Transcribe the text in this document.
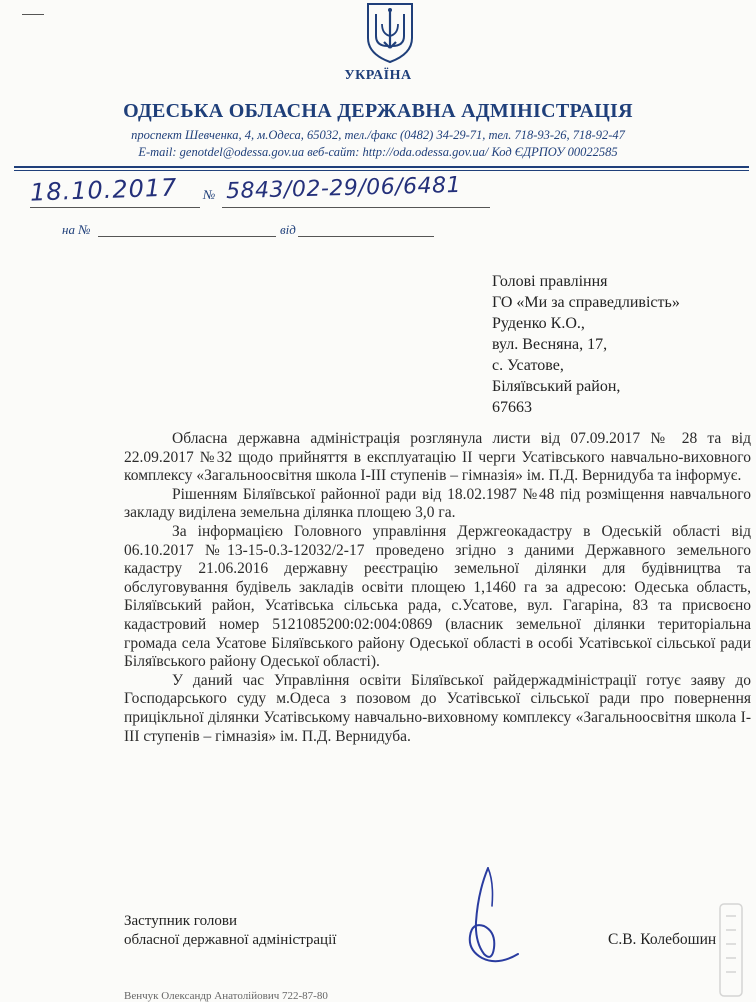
УКРАЇНА
ОДЕСЬКА ОБЛАСНА ДЕРЖАВНА АДМІНІСТРАЦІЯ
проспект Шевченка, 4, м.Одеса, 65032, тел./факс (0482) 34-29-71, тел. 718-93-26, 718-92-47
E-mail: genotdel@odessa.gov.ua веб-сайт: http://oda.odessa.gov.ua/ Код ЄДРПОУ 00022585
18.10.2017 № 5843/02-29/06/6481
на №	від
Голові правління
ГО «Ми за справедливість»
Руденко К.О.,
вул. Весняна, 17,
с. Усатове,
Біляївський район,
67663

Обласна державна адміністрація розглянула листи від 07.09.2017 № 28 та від 22.09.2017 №32 щодо прийняття в експлуатацію ІІ черги Усатівського навчально-виховного комплексу «Загальноосвітня школа І-ІІІ ступенів – гімназія» ім. П.Д. Вернидуба та інформує.

Рішенням Біляївської районної ради від 18.02.1987 №48 під розміщення навчального закладу виділена земельна ділянка площею 3,0 га.

За інформацією Головного управління Держгеокадастру в Одеській області від 06.10.2017 №13-15-0.3-12032/2-17 проведено згідно з даними Державного земельного кадастру 21.06.2016 державну реєстрацію земельної ділянки для будівництва та обслуговування будівель закладів освіти площею 1,1460 га за адресою: Одеська область, Біляївський район, Усатівська сільська рада, с.Усатове, вул. Гагаріна, 83 та присвоєно кадастровий номер 5121085200:02:004:0869 (власник земельної ділянки територіальна громада села Усатове Біляївського району Одеської області в особі Усатівської сільської ради Біляївського району Одеської області).

У даний час Управління освіти Біляївської райдержадміністрації готує заяву до Господарського суду м.Одеса з позовом до Усатівської сільської ради про повернення прицікльної ділянки Усатівському навчально-виховному комплексу «Загальноосвітня школа І-ІІІ ступенів – гімназія» ім. П.Д. Вернидуба.

Заступник голови
обласної державної адміністрації	С.В. Колебошин
Венчук Олександр Анатолійович 722-87-80
